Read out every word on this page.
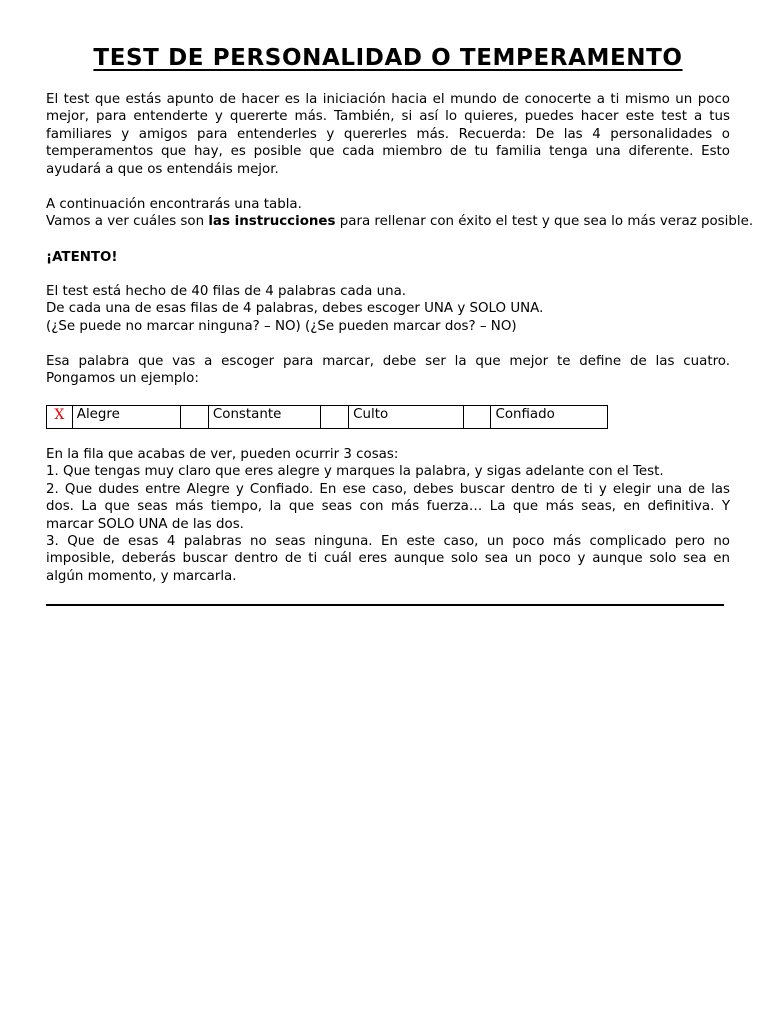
TEST DE PERSONALIDAD O TEMPERAMENTO

El test que estás apunto de hacer es la iniciación hacia el mundo de conocerte a ti mismo un poco
mejor, para entenderte y quererte más. También, si así lo quieres, puedes hacer este test a tus
familiares y amigos para entenderles y quererles más. Recuerda: De las 4 personalidades o
temperamentos que hay, es posible que cada miembro de tu familia tenga una diferente. Esto
ayudará a que os entendáis mejor.

A continuación encontrarás una tabla.
Vamos a ver cuáles son las instrucciones para rellenar con éxito el test y que sea lo más veraz posible.

¡ATENTO!

El test está hecho de 40 filas de 4 palabras cada una.
De cada una de esas filas de 4 palabras, debes escoger UNA y SOLO UNA.
(¿Se puede no marcar ninguna? – NO) (¿Se pueden marcar dos? – NO)

Esa palabra que vas a escoger para marcar, debe ser la que mejor te define de las cuatro.
Pongamos un ejemplo:

X	Alegre		Constante		Culto		Confiado

En la fila que acabas de ver, pueden ocurrir 3 cosas:
1. Que tengas muy claro que eres alegre y marques la palabra, y sigas adelante con el Test.
2. Que dudes entre Alegre y Confiado. En ese caso, debes buscar dentro de ti y elegir una de las
dos. La que seas más tiempo, la que seas con más fuerza… La que más seas, en definitiva. Y
marcar SOLO UNA de las dos.
3. Que de esas 4 palabras no seas ninguna. En este caso, un poco más complicado pero no
imposible, deberás buscar dentro de ti cuál eres aunque solo sea un poco y aunque solo sea en
algún momento, y marcarla.
